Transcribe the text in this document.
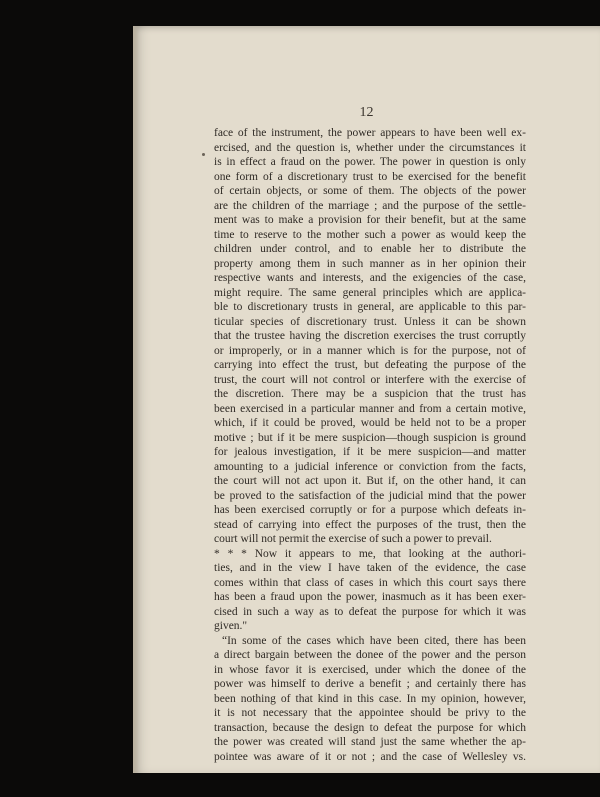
12
face of the instrument, the power appears to have been well ex-
ercised, and the question is, whether under the circumstances it
is in effect a fraud on the power. The power in question is only
one form of a discretionary trust to be exercised for the benefit
of certain objects, or some of them. The objects of the power
are the children of the marriage ; and the purpose of the settle-
ment was to make a provision for their benefit, but at the same
time to reserve to the mother such a power as would keep the
children under control, and to enable her to distribute the
property among them in such manner as in her opinion their
respective wants and interests, and the exigencies of the case,
might require. The same general principles which are applica-
ble to discretionary trusts in general, are applicable to this par-
ticular species of discretionary trust. Unless it can be shown
that the trustee having the discretion exercises the trust corruptly
or improperly, or in a manner which is for the purpose, not of
carrying into effect the trust, but defeating the purpose of the
trust, the court will not control or interfere with the exercise of
the discretion. There may be a suspicion that the trust has
been exercised in a particular manner and from a certain motive,
which, if it could be proved, would be held not to be a proper
motive ; but if it be mere suspicion—though suspicion is ground
for jealous investigation, if it be mere suspicion—and matter
amounting to a judicial inference or conviction from the facts,
the court will not act upon it. But if, on the other hand, it can
be proved to the satisfaction of the judicial mind that the power
has been exercised corruptly or for a purpose which defeats in-
stead of carrying into effect the purposes of the trust, then the
court will not permit the exercise of such a power to prevail.
* * * Now it appears to me, that looking at the authori-
ties, and in the view I have taken of the evidence, the case
comes within that class of cases in which this court says there
has been a fraud upon the power, inasmuch as it has been exer-
cised in such a way as to defeat the purpose for which it was
given."
“In some of the cases which have been cited, there has been
a direct bargain between the donee of the power and the person
in whose favor it is exercised, under which the donee of the
power was himself to derive a benefit ; and certainly there has
been nothing of that kind in this case. In my opinion, however,
it is not necessary that the appointee should be privy to the
transaction, because the design to defeat the purpose for which
the power was created will stand just the same whether the ap-
pointee was aware of it or not ; and the case of Wellesley vs.
